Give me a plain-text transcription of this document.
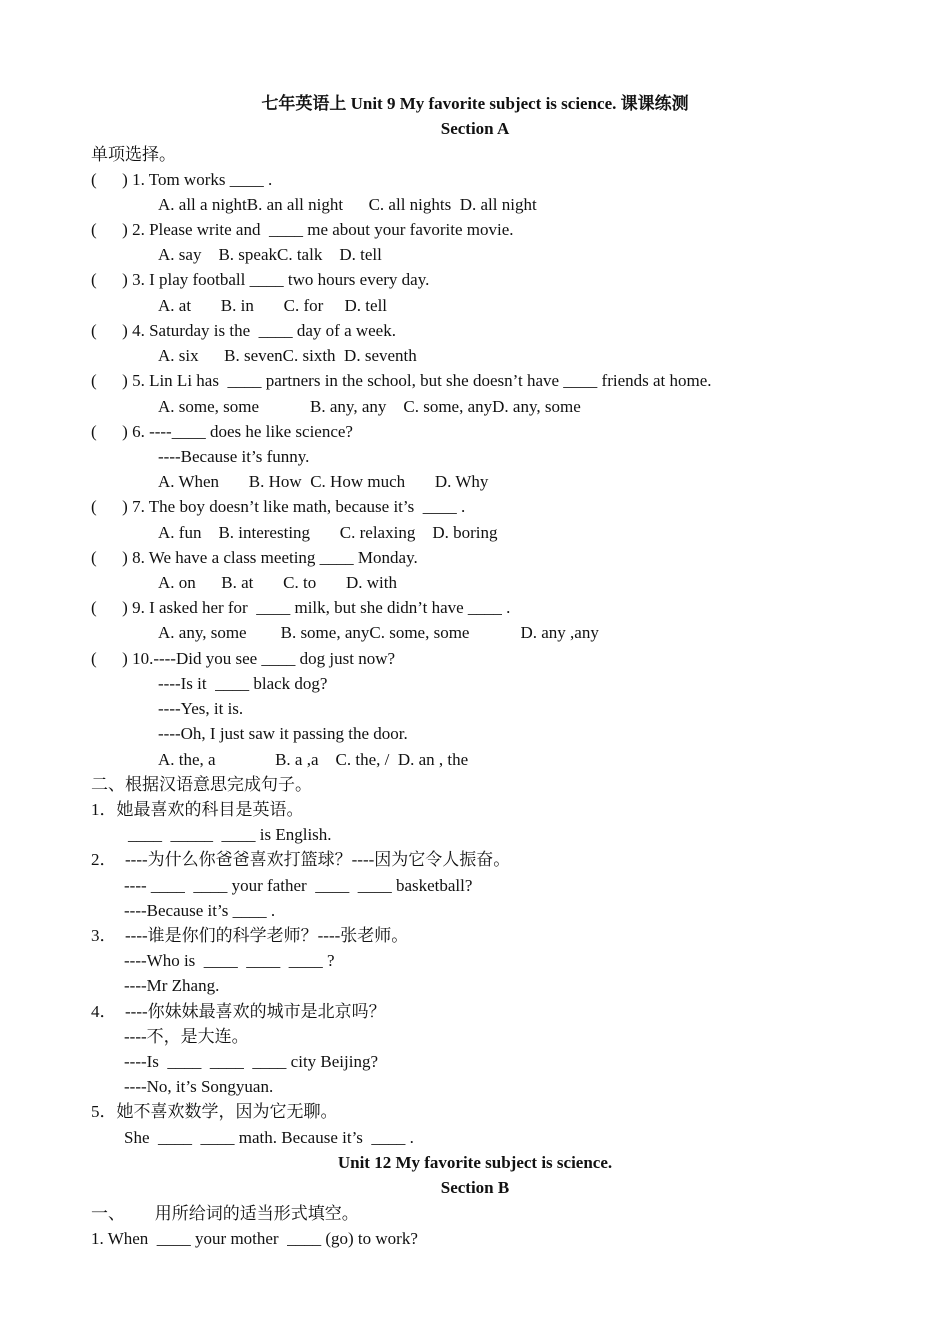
七年英语上 Unit 9 My favorite subject is science. 课课练测
Section A
单项选择。
(      ) 1. Tom works ____ .
A. all a nightB. an all night      C. all nights  D. all night
(      ) 2. Please write and  ____ me about your favorite movie.
A. say    B. speakC. talk    D. tell
(      ) 3. I play football ____ two hours every day.
A. at       B. in       C. for     D. tell
(      ) 4. Saturday is the  ____ day of a week.
A. six      B. sevenC. sixth  D. seventh
(      ) 5. Lin Li has  ____ partners in the school, but she doesn’t have ____ friends at home.
A. some, some            B. any, any    C. some, anyD. any, some
(      ) 6. ----____ does he like science?
----Because it’s funny.
A. When       B. How  C. How much       D. Why
(      ) 7. The boy doesn’t like math, because it’s  ____ .
A. fun    B. interesting       C. relaxing    D. boring
(      ) 8. We have a class meeting ____ Monday.
A. on      B. at       C. to       D. with
(      ) 9. I asked her for  ____ milk, but she didn’t have ____ .
A. any, some        B. some, anyC. some, some            D. any ,any
(      ) 10.----Did you see ____ dog just now?
----Is it  ____ black dog?
----Yes, it is.
----Oh, I just saw it passing the door.
A. the, a              B. a ,a    C. the, /  D. an , the
二、根据汉语意思完成句子。
1．她最喜欢的科目是英语。
____  _____  ____ is English.
2．  ----为什么你爸爸喜欢打篮球？----因为它令人振奋。
---- ____  ____ your father  ____  ____ basketball?
----Because it’s ____ .
3．  ----谁是你们的科学老师？----张老师。
----Who is  ____  ____  ____ ?
----Mr Zhang.
4．  ----你妹妹最喜欢的城市是北京吗？
----不，是大连。
----Is  ____  ____  ____ city Beijing?
----No, it’s Songyuan.
5．她不喜欢数学，因为它无聊。
She  ____  ____ math. Because it’s  ____ .
Unit 12 My favorite subject is science.
Section B
一、       用所给词的适当形式填空。
1. When  ____ your mother  ____ (go) to work?
